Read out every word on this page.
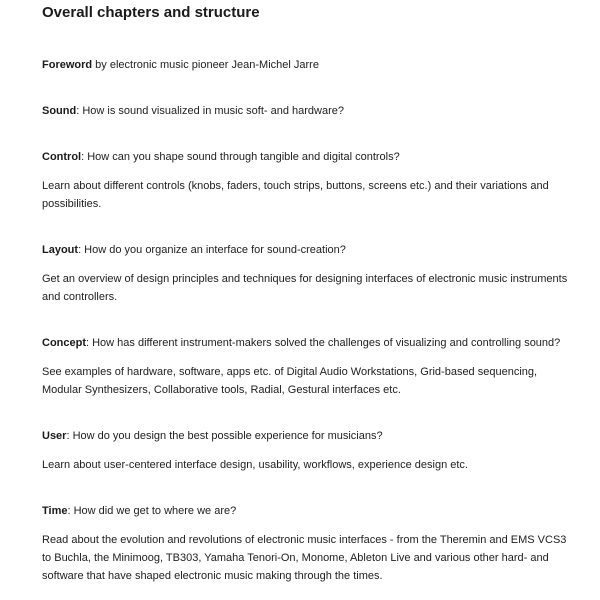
Overall chapters and structure

Foreword by electronic music pioneer Jean-Michel Jarre

Sound: How is sound visualized in music soft- and hardware?

Control: How can you shape sound through tangible and digital controls?

Learn about different controls (knobs, faders, touch strips, buttons, screens etc.) and their variations and possibilities.

Layout: How do you organize an interface for sound-creation?

Get an overview of design principles and techniques for designing interfaces of electronic music instruments and controllers.

Concept: How has different instrument-makers solved the challenges of visualizing and controlling sound?

See examples of hardware, software, apps etc. of Digital Audio Workstations, Grid-based sequencing, Modular Synthesizers, Collaborative tools, Radial, Gestural interfaces etc.

User: How do you design the best possible experience for musicians?

Learn about user-centered interface design, usability, workflows, experience design etc.

Time: How did we get to where we are?

Read about the evolution and revolutions of electronic music interfaces - from the Theremin and EMS VCS3 to Buchla, the Minimoog, TB303, Yamaha Tenori-On, Monome, Ableton Live and various other hard- and software that have shaped electronic music making through the times.
